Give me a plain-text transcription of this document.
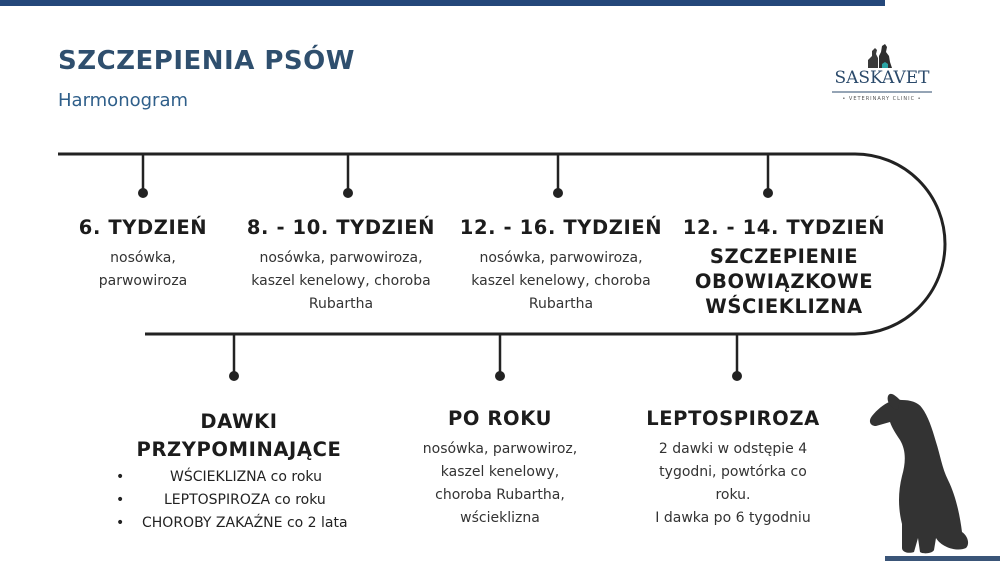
SZCZEPIENIA PSÓW
Harmonogram
SASKAVET
• VETERINARY CLINIC •
6. TYDZIEŃ
nosówka,
parwowiroza
8. - 10. TYDZIEŃ
nosówka, parwowiroza,
kaszel kenelowy, choroba
Rubartha
12. - 16. TYDZIEŃ
nosówka, parwowiroza,
kaszel kenelowy, choroba
Rubartha
12. - 14. TYDZIEŃ
SZCZEPIENIE
OBOWIĄZKOWE
WŚCIEKLIZNA
DAWKI
PRZYPOMINAJĄCE
•	WŚCIEKLIZNA co roku
•	LEPTOSPIROZA co roku
• CHOROBY ZAKAŹNE co 2 lata
PO ROKU
nosówka, parwowiroz,
kaszel kenelowy,
choroba Rubartha,
wścieklizna
LEPTOSPIROZA
2 dawki w odstępie 4
tygodni, powtórka co
roku.
I dawka po 6 tygodniu
